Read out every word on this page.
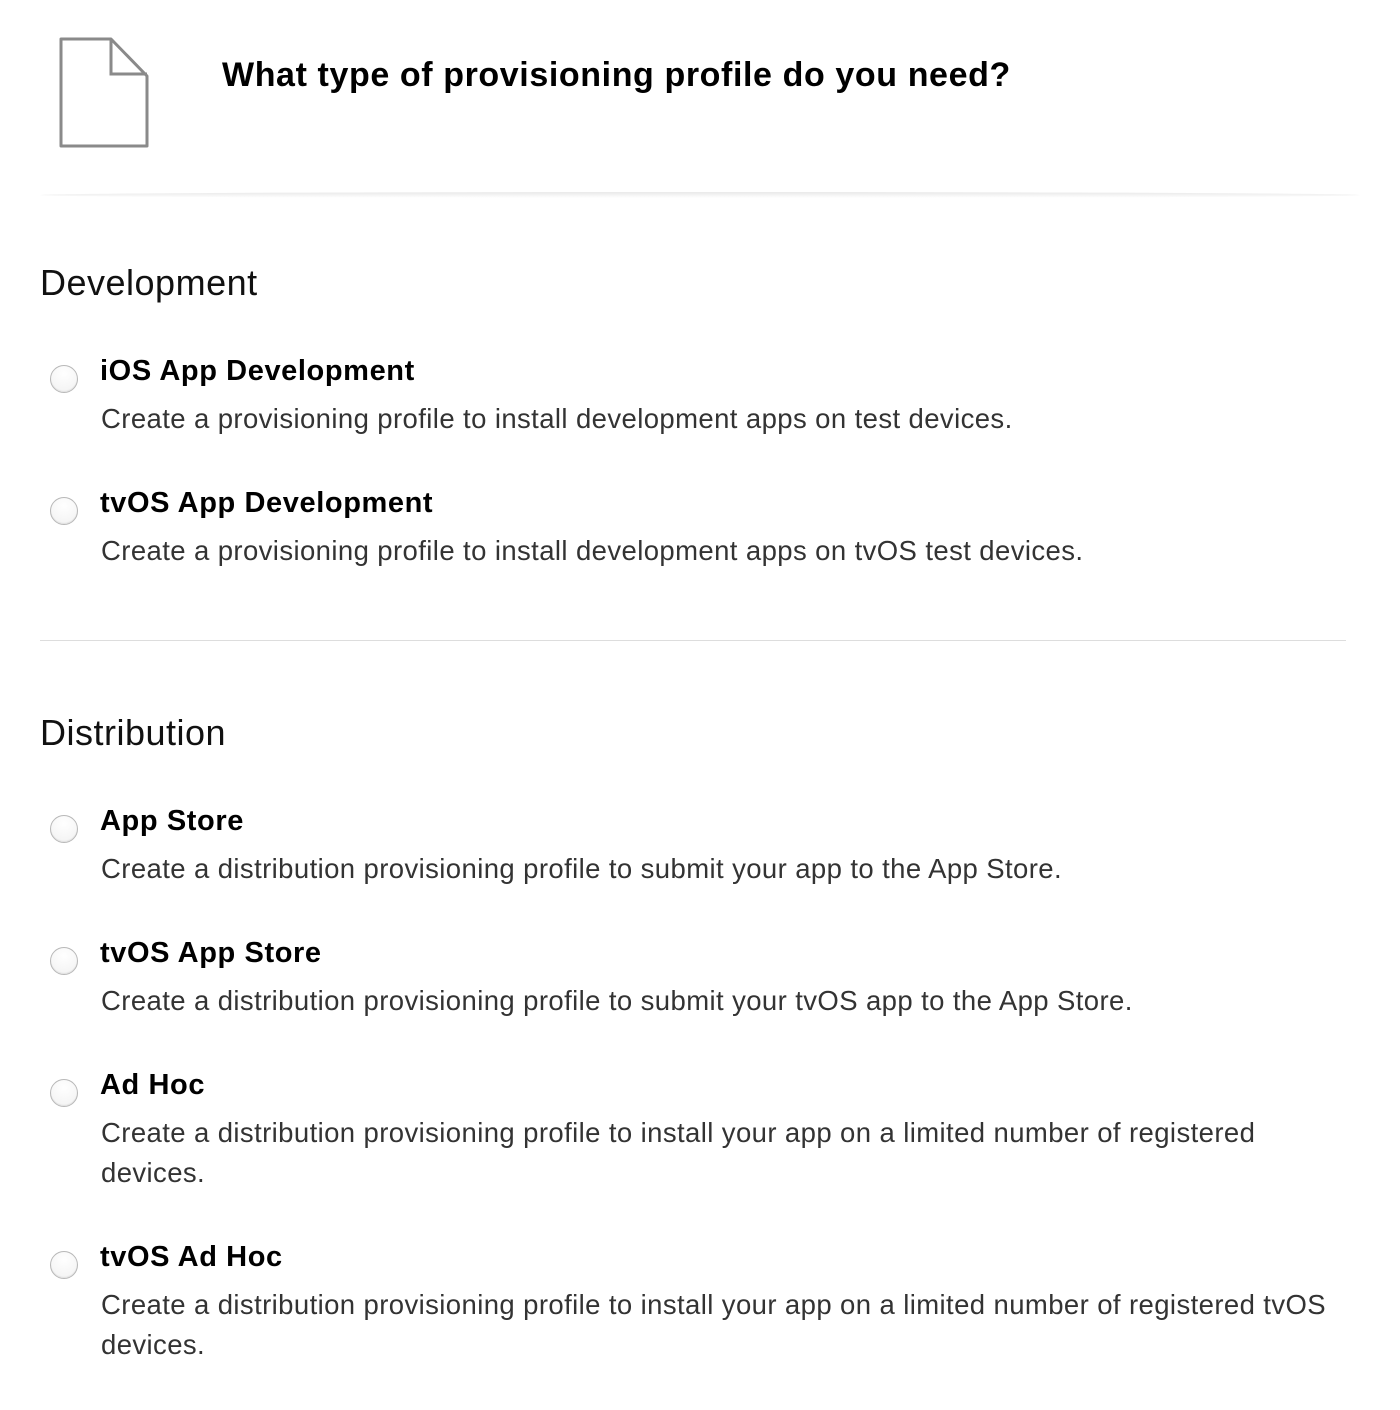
What type of provisioning profile do you need?
Development
iOS App Development
Create a provisioning profile to install development apps on test devices.
tvOS App Development
Create a provisioning profile to install development apps on tvOS test devices.
Distribution
App Store
Create a distribution provisioning profile to submit your app to the App Store.
tvOS App Store
Create a distribution provisioning profile to submit your tvOS app to the App Store.
Ad Hoc
Create a distribution provisioning profile to install your app on a limited number of registered devices.
tvOS Ad Hoc
Create a distribution provisioning profile to install your app on a limited number of registered tvOS devices.
